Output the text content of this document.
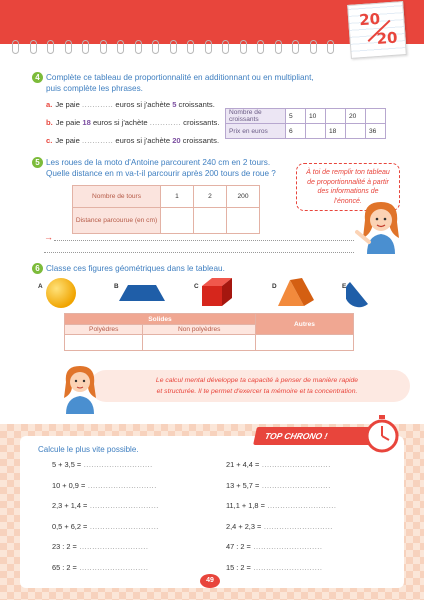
20
20
4 Complète ce tableau de proportionnalité en additionnant ou en multipliant,
puis complète les phrases.
a. Je paie ............ euros si j'achète 5 croissants.
b. Je paie 18 euros si j'achète ............ croissants.
c. Je paie ............ euros si j'achète 20 croissants.
Nombre de croissants	5	10		20	
Prix en euros	6		18		36
5 Les roues de la moto d'Antoine parcourent 240 cm en 2 tours.
Quelle distance en m va-t-il parcourir après 200 tours de roue ?
Nombre de tours	1	2	200
Distance parcourue (en cm)			
→
À toi de remplir ton tableau
de proportionnalité à partir
des informations de l'énoncé.
6 Classe ces figures géométriques dans le tableau.
A	B	C	D	E
Solides		Autres
Polyèdres	Non polyèdres	

Le calcul mental développe ta capacité à penser de manière rapide
et structurée. Il te permet d'exercer ta mémoire et ta concentration.
TOP CHRONO !
Calcule le plus vite possible.
5 + 3,5 = ...........................
10 + 0,9 = ...........................
2,3 + 1,4 = ...........................
0,5 + 6,2 = ...........................
23 : 2 = ...........................
65 : 2 = ...........................
21 + 4,4 = ...........................
13 + 5,7 = ...........................
11,1 + 1,8 = ...........................
2,4 + 2,3 = ...........................
47 : 2 = ...........................
15 : 2 = ...........................
49
